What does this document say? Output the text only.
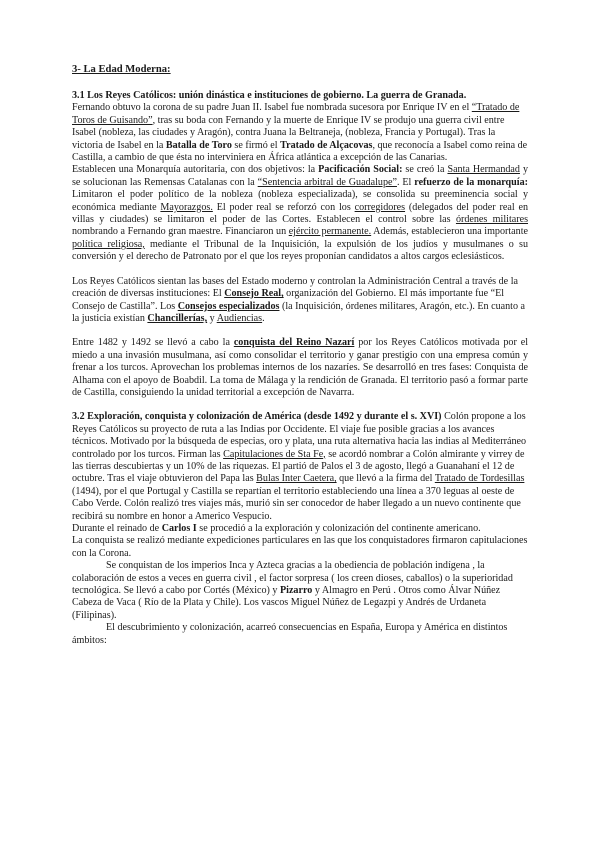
3- La Edad Moderna:

3.1 Los Reyes Católicos: unión dinástica e instituciones de gobierno. La guerra de Granada.

Fernando obtuvo la corona de su padre Juan II. Isabel fue nombrada sucesora por Enrique IV en el “Tratado de Toros de Guisando”, tras su boda con Fernando y la muerte de Enrique IV se produjo una guerra civil entre Isabel (nobleza, las ciudades y Aragón), contra Juana la Beltraneja, (nobleza, Francia y Portugal). Tras la victoria de Isabel en la Batalla de Toro se firmó el Tratado de Alçacovas, que reconocía a Isabel como reina de Castilla, a cambio de que ésta no interviniera en África atlántica a excepción de las Canarias.

Establecen una Monarquía autoritaria, con dos objetivos: la Pacificación Social: se creó la Santa Hermandad y se solucionan las Remensas Catalanas con la “Sentencia arbitral de Guadalupe”. El refuerzo de la monarquía: Limitaron el poder político de la nobleza (nobleza especializada), se consolida su preeminencia social y económica mediante Mayorazgos. El poder real se reforzó con los corregidores (delegados del poder real en villas y ciudades) se limitaron el poder de las Cortes. Establecen el control sobre las órdenes militares nombrando a Fernando gran maestre. Financiaron un ejército permanente. Además, establecieron una importante política religiosa, mediante el Tribunal de la Inquisición, la expulsión de los judíos y musulmanes o su conversión y el derecho de Patronato por el que los reyes proponían candidatos a altos cargos eclesiásticos.

Los Reyes Católicos sientan las bases del Estado moderno y controlan la Administración Central a través de la creación de diversas instituciones: El Consejo Real, organización del Gobierno. El más importante fue “El Consejo de Castilla”. Los Consejos especializados (la Inquisición, órdenes militares, Aragón, etc.). En cuanto a la justicia existían Chancillerías, y Audiencias.

Entre 1482 y 1492 se llevó a cabo la conquista del Reino Nazarí por los Reyes Católicos motivada por el miedo a una invasión musulmana, así como consolidar el territorio y ganar prestigio con una empresa común y frenar a los turcos. Aprovechan los problemas internos de los nazaríes. Se desarrolló en tres fases: Conquista de Alhama con el apoyo de Boabdil. La toma de Málaga y la rendición de Granada. El territorio pasó a formar parte de Castilla, consiguiendo la unidad territorial a excepción de Navarra.

3.2 Exploración, conquista y colonización de América (desde 1492 y durante el s. XVI) Colón propone a los Reyes Católicos su proyecto de ruta a las Indias por Occidente. El viaje fue posible gracias a los avances técnicos. Motivado por la búsqueda de especias, oro y plata, una ruta alternativa hacia las indias al Mediterráneo controlado por los turcos. Firman las Capitulaciones de Sta Fe, se acordó nombrar a Colón almirante y virrey de las tierras descubiertas y un 10% de las riquezas. El partió de Palos el 3 de agosto, llegó a Guanahaní el 12 de octubre. Tras el viaje obtuvieron del Papa las Bulas Inter Caetera, que llevó a la firma del Tratado de Tordesillas (1494), por el que Portugal y Castilla se repartían el territorio estableciendo una línea a 370 leguas al oeste de Cabo Verde. Colón realizó tres viajes más, murió sin ser conocedor de haber llegado a un nuevo continente que recibirá su nombre en honor a Americo Vespucio.

Durante el reinado de Carlos I se procedió a la exploración y colonización del continente americano.

La conquista se realizó mediante expediciones particulares en las que los conquistadores firmaron capitulaciones con la Corona.

Se conquistan de los imperios Inca y Azteca gracias a la obediencia de población indígena , la colaboración de estos a veces en guerra civil , el factor sorpresa ( los creen dioses, caballos) o la superioridad tecnológica. Se llevó a cabo por Cortés (México) y Pizarro y Almagro en Perú . Otros como Álvar Núñez Cabeza de Vaca ( Río de la Plata y Chile). Los vascos Miguel Núñez de Legazpi y Andrés de Urdaneta (Filipinas).

El descubrimiento y colonización, acarreó consecuencias en España, Europa y América en distintos ámbitos:
